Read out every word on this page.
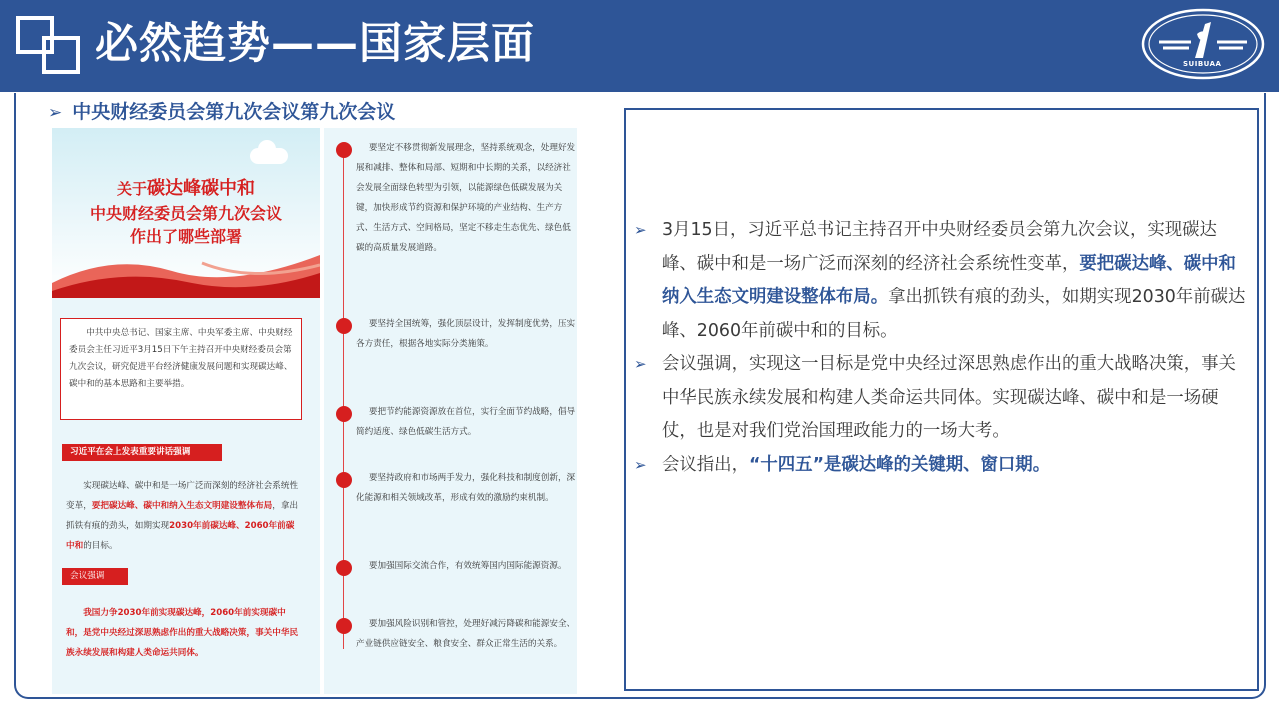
必然趋势——国家层面	SUIBUAA
➢ 中央财经委员会第九次会议第九次会议
关于碳达峰碳中和
中央财经委员会第九次会议
作出了哪些部署
中共中央总书记、国家主席、中央军委主席、中央财经委员会主任习近平3月15日下午主持召开中央财经委员会第九次会议，研究促进平台经济健康发展问题和实现碳达峰、碳中和的基本思路和主要举措。
习近平在会上发表重要讲话强调
实现碳达峰、碳中和是一场广泛而深刻的经济社会系统性变革，要把碳达峰、碳中和纳入生态文明建设整体布局，拿出抓铁有痕的劲头，如期实现2030年前碳达峰、2060年前碳中和的目标。
会议强调
我国力争2030年前实现碳达峰，2060年前实现碳中和，是党中央经过深思熟虑作出的重大战略决策，事关中华民族永续发展和构建人类命运共同体。
要坚定不移贯彻新发展理念，坚持系统观念，处理好发展和减排、整体和局部、短期和中长期的关系，以经济社会发展全面绿色转型为引领，以能源绿色低碳发展为关键，加快形成节约资源和保护环境的产业结构、生产方式、生活方式、空间格局，坚定不移走生态优先、绿色低碳的高质量发展道路。
要坚持全国统筹，强化顶层设计，发挥制度优势，压实各方责任，根据各地实际分类施策。
要把节约能源资源放在首位，实行全面节约战略，倡导简约适度、绿色低碳生活方式。
要坚持政府和市场两手发力，强化科技和制度创新，深化能源和相关领域改革，形成有效的激励约束机制。
要加强国际交流合作，有效统筹国内国际能源资源。
要加强风险识别和管控，处理好减污降碳和能源安全、产业链供应链安全、粮食安全、群众正常生活的关系。
➢ 3月15日，习近平总书记主持召开中央财经委员会第九次会议，实现碳达峰、碳中和是一场广泛而深刻的经济社会系统性变革，要把碳达峰、碳中和纳入生态文明建设整体布局。拿出抓铁有痕的劲头，如期实现2030年前碳达峰、2060年前碳中和的目标。
➢ 会议强调，实现这一目标是党中央经过深思熟虑作出的重大战略决策，事关中华民族永续发展和构建人类命运共同体。实现碳达峰、碳中和是一场硬仗，也是对我们党治国理政能力的一场大考。
➢ 会议指出，“十四五”是碳达峰的关键期、窗口期。
